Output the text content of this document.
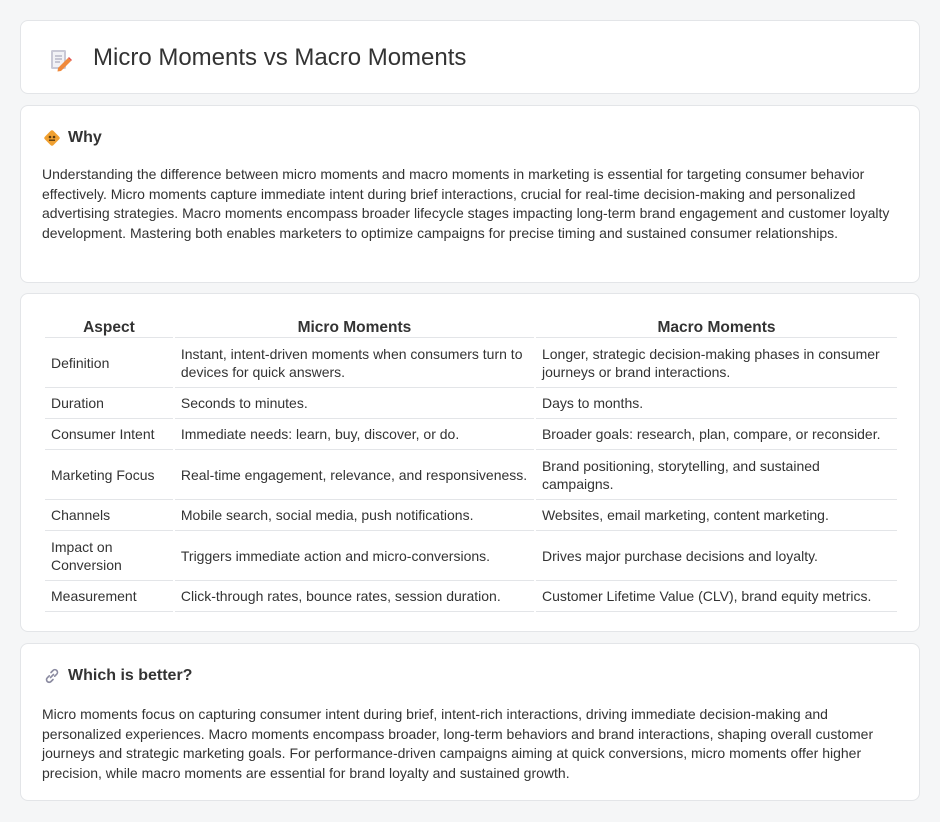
Micro Moments vs Macro Moments
Why

Understanding the difference between micro moments and macro moments in marketing is essential for targeting consumer behavior effectively. Micro moments capture immediate intent during brief interactions, crucial for real-time decision-making and personalized advertising strategies. Macro moments encompass broader lifecycle stages impacting long-term brand engagement and customer loyalty development. Mastering both enables marketers to optimize campaigns for precise timing and sustained consumer relationships.

Aspect	Micro Moments	Macro Moments
Definition	Instant, intent-driven moments when consumers turn to devices for quick answers.	Longer, strategic decision-making phases in consumer journeys or brand interactions.
Duration	Seconds to minutes.	Days to months.
Consumer Intent	Immediate needs: learn, buy, discover, or do.	Broader goals: research, plan, compare, or reconsider.
Marketing Focus	Real-time engagement, relevance, and responsiveness.	Brand positioning, storytelling, and sustained campaigns.
Channels	Mobile search, social media, push notifications.	Websites, email marketing, content marketing.
Impact on Conversion	Triggers immediate action and micro-conversions.	Drives major purchase decisions and loyalty.
Measurement	Click-through rates, bounce rates, session duration.	Customer Lifetime Value (CLV), brand equity metrics.
Which is better?

Micro moments focus on capturing consumer intent during brief, intent-rich interactions, driving immediate decision-making and personalized experiences. Macro moments encompass broader, long-term behaviors and brand interactions, shaping overall customer journeys and strategic marketing goals. For performance-driven campaigns aiming at quick conversions, micro moments offer higher precision, while macro moments are essential for brand loyalty and sustained growth.
